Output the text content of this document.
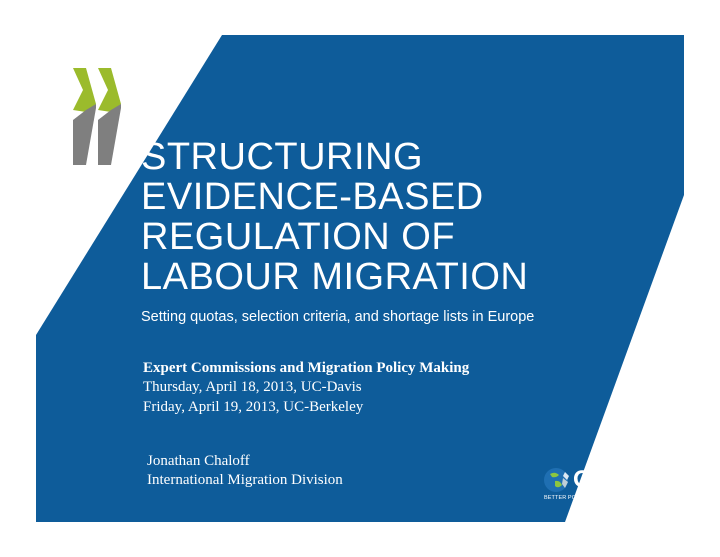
STRUCTURING
EVIDENCE-BASED
REGULATION OF
LABOUR MIGRATION
Setting quotas, selection criteria, and shortage lists in Europe
Expert Commissions and Migration Policy Making
Thursday, April 18, 2013, UC-Davis
Friday, April 19, 2013, UC-Berkeley
Jonathan Chaloff
International Migration Division	OECD
BETTER POLICIES FOR BETTER LIVES
